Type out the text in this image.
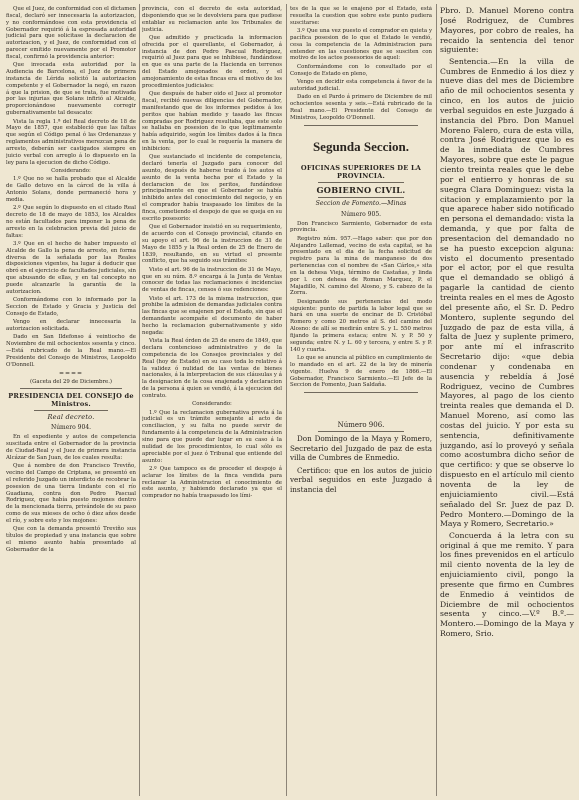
Que el Juez, de conformidad con el dictamen fiscal, declaró ser innecesaria la autorizacion, y no conformándose con esta providencia el Gobernador requirió á la espresada autoridad judicial para que solicitase la declaracion de autorizacion, y el Juez, de conformidad con el parecer emitido nuevamente por el Promotor fiscal, confirmó la providencia anterior:

Que invocada esta autoridad por la Audiencia de Barcelona, el Juez de primera instancia de Lérida solicitó la autorizacion competente y el Gobernador la negó, en razon á que la prision, de que se trata, fue motivada por las injurias que Solans infirió al Alcalde, proporcionándose nuevamente corregir gubernativamente tal desacato:

Vista la regla 1.ª del Real decreto de 18 de Mayo de 1857, que estableció que las faltas que según el Código penal ó las Ordenanzas y reglamentos administrativos merezcan pena de arresto, deberán ser castigados siempre en juicio verbal con arreglo á lo dispuesto en la ley para la ejecucion de dicho Código.

Considerando:

1.º Que no se halla probado que el Alcalde de Gallo detuvo en la cárcel de la villa á Antonio Solans, donde permaneció hora y media.

2.º Que según lo dispuesto en el citado Real decreto de 18 de mayo de 1853, los Alcaldes no están facultados para imponer la pena de arresto en la celebracion previa del juicio de faltas:

3.º Que en el hecho de haber impuesto el Alcalde de Gallo la pena de arresto, en forma diversa de la señalada por las Reales disposiciones vigentes, ha lugar á deducir que obró en el ejercicio de facultades judiciales, sin que abusando de ellas, y en tal concepto no puede alcanzarle la garantía de la autorizacion.

Conformándome con lo informado por la Seccion de Estado y Gracia y Justicia del Consejo de Estado,

Vengo en declarar innecesaria la autorizacion solicitada.

Dado en San Ildefonso á veintiocho de Noviembre de mil ochocientos sesenta y cinco.—Está rubricado de la Real mano.—El Presidente del Consejo de Ministros, Leopoldo O'Donnell.

====

(Gaceta del 29 de Diciembre.)

PRESIDENCIA DEL CONSEJO de Ministros.
Real decreto.
Número 904.

En el expediente y autos de competencia suscitada entre el Gobernador de la provincia de Ciudad-Real y el Juez de primera instancia Alcázar de San Juan, de los cuales resulta:

Que á nombre de don Francisco Treviño, vecino del Campo de Criptana, se presentó en el referido Juzgado un interdicto de recobrar la posesion de una tierra lindante con el río Guadiana, contra don Pedro Pascual Rodriguez, que había puesto mojones dentro de la mencionada tierra, privándole de su paso como de sus mieses de ocho ó diez años desde el río, y sobre esto y los mojones:

Que con la demanda presentó Treviño sus títulos de propiedad y una instancia que sobre el mismo asunto había presentado al Gobernador de la

provincia, con el decreto de esta autoridad, disponiendo que se le devolviera para que pudiese entablar su reclamacion ante los Tribunales de justicia.

Que admitido y practicada la informacion ofrecida por el querellante, el Gobernador, á instancia de don Pedro Pascual Rodriguez, requirió al Juez para que se inhibiese, fundándose en que es una parte de la Hacienda en terrenos del Estado amojonados de orden, y el amojonamiento de estas fincas era el motivo de los procedimientos judiciales:

Que después de haber oido el Juez al promotor fiscal, recibió nuevas diligencias del Gobernador, manifestando que de los informes pedidos á los peritos que habían medido y tasado las fincas compradas por Rodriguez resultaba, que este solo se hallaba en posesion de lo que legítimamente había adquirido, según los límites dados á la finca en la venta, por lo cual le requería la manera de inhibicion:

Que sustanciado el incidente de competencia, declaró tenerla el Juzgado para conocer del asunto, después de haberse traido á los autos el asunto de la venta hecha por el Estado y la declaracion de los peritos, fundándose principalmente en que el Gobernador se había inhibido antes del conocimiento del negocio, y en el comprador había traspasado los límites de la finca, cometiendo el despojo de que se queja en su escrito posesorio:

Que el Gobernador insistió en su requerimiento, de acuerdo con el Consejo provincial, citando en su apoyo el art. 96 de la instruccion de 31 de Mayo de 1855 y la Real orden de 25 de Enero de 1839, resultando, en su virtud el presente conflicto, que ha seguido sus trámites:

Visto el art. 96 de la instruccion de 31 de Mayo, que en su núm. 8.º encarga á la Junta de Ventas conocer de todas las reclamaciones é incidencias de ventas de fincas, censos ó sus redenciones:

Visto el art. 173 de la misma instruccion, que prohibe la admision de demandas judiciales contra las fincas que se enajenen por el Estado, sin que el demandante acompañe el documento de haber hecho la reclamacion gubernativamente y sido negada:

Vista la Real órden de 25 de enero de 1849, que declara contencioso administrativo y de la competencia de los Consejos provinciales y del Real (hoy de Estado) en su caso toda lo relativo á la validez ó nulidad de las ventas de bienes nacionales, á la interpretacion de sus cláusulas y á la designacion de la cosa enajenada y declaracion de la persona á quien se vendió, á la ejecucion del contrato.

Considerando:

1.º Que la reclamacion gubernativa previa á la judicial es un trámite semejante al acto de conciliacion, y su falta no puede servir de fundamento á la competencia de la Administracion sino para que puede dar lugar en su caso á la nulidad de los procedimientos, lo cual sólo es apreciable por el juez ó Tribunal que entiende del asunto:

2.º Que tampoco es de proceder el despojo á aclarar los límites de la finca vendida para reclamar la Administracion el conocimiento de este asunto, y habiendo declarado ya que el comprador no había traspasado los lími-

tes de la que se le enajenó por el Estado, está resuelta la cuestion que sobre este punto pudiera suscitarse:

3.º Que una vez puesto el comprador en quieta y pacífica posesion de lo que el Estado le vendió, cesa la competencia de la Administracion para entender en las cuestiones que se susciten con motivo de los actos posesorios de aquel:

Conformándome con lo consultado por el Consejo de Estado en pleno,

Vengo en decidir esta competencia á favor de la autoridad judicial.

Dado en el Pardo á primero de Diciembre de mil ochocientos sesenta y seis.—Está rubricado de la Real mano.—El Presidente del Consejo de Ministros, Leopoldo O'Donnell.

Segunda Seccion.
OFICINAS SUPERIORES DE LA PROVINCIA.
GOBIERNO CIVIL.
Seccion de Fomento.—Minas
Número 905.

Don Francisco Sarmiento, Gobernador de esta provincia.

Registro núm. 957.—Hago saber: que por don Alejandro Lallemad, vecino de esta capital, se ha presentado en el dia de la fecha solicitud de registro para la mina de manganeso de dos pertenencias con el nombre de «San Cárlos,» sita en la dehesa Vieja, término de Castañas, y linda por l. con dehesa de Roman Marquez, P. el Majadillo, N. camino del Alosno, y S. cabezo de la Zorra.

Designando sus pertenencias del modo siguiente: punto de partida la labor legal que se hará en una suerte de encinar de D. Cristóbal Romero y como 20 metros al S. del camino del Alosno: de allí se medirán entre S. y L. 550 metros fijando la primera estaca; entre N. y P. 50 y segunda; entre N. y L. 60 y tercera, y entre S. y P. 140 y cuarta.

Lo que se anuncia al público en cumplimiento de lo mandado en el art. 22 de la ley de minería vigente. Huelva 9 de enero de 1866.—El Gobernador, Francisco Sarmiento.—El Jefe de la Seccion de Fomento, Juan Saldaña.

Número 906.

Don Domingo de la Maya y Romero, Secretario del Juzgado de paz de esta villa de Cumbres de Enmedio.

Certifico: que en los autos de juicio verbal seguidos en este Juzgado á instancia del

Pbro. D. Manuel Moreno contra José Rodriguez, de Cumbres Mayores, por cobro de reales, ha recaido la sentencia del tenor siguiente:

Sentencia.—En la villa de Cumbres de Enmedio á los diez y nueve dias del mes de Diciembre año de mil ochocientos sesenta y cinco, en los autos de juicio verbal seguidos en este Juzgado á instancia del Pbro. Don Manuel Moreno Falero, cura de esta villa, contra José Rodriguez que lo es de la inmediata de Cumbres Mayores, sobre que este le pague ciento treinta reales que le debe por el entierro y honras de su suegra Clara Dominguez: vista la citacion y emplazamiento por la que aparece haber sido notificado en persona el demandado: vista la demanda, y que por falta de presentacion del demandado no se ha puesto excepcion alguna: visto el documento presentado por el actor, por el que resulta que el demandado se obligó á pagarle la cantidad de ciento treinta reales en el mes de Agosto del presente año, el Sr. D. Pedro Montero, suplente segundo del Juzgado de paz de esta villa, á falta de Juez y suplente primero, por ante mí el infrascrito Secretario dijo: «que debia condenar y condenaba en ausencia y rebeldía á José Rodriguez, vecino de Cumbres Mayores, al pago de los ciento treinta reales que demanda el D. Manuel Moreno, así como las costas del juicio. Y por esta su sentencia, definitivamente juzgando, así lo proveyó y señala como acostumbra dicho señor de que certifico: y que se observe lo dispuesto en el artículo mil ciento noventa de la ley de enjuiciamiento civil.—Está señalado del Sr. Juez de paz D. Pedro Montero.—Domingo de la Maya y Romero, Secretario.»

Concuerda á la letra con su original á que me remito. Y para los fines prevenidos en el artículo mil ciento noventa de la ley de enjuiciamiento civil, pongo la presente que firmo en Cumbres de Enmedio á veintidos de Diciembre de mil ochocientos sesenta y cinco.—V.º B.º.—Montero.—Domingo de la Maya y Romero, Srio.
